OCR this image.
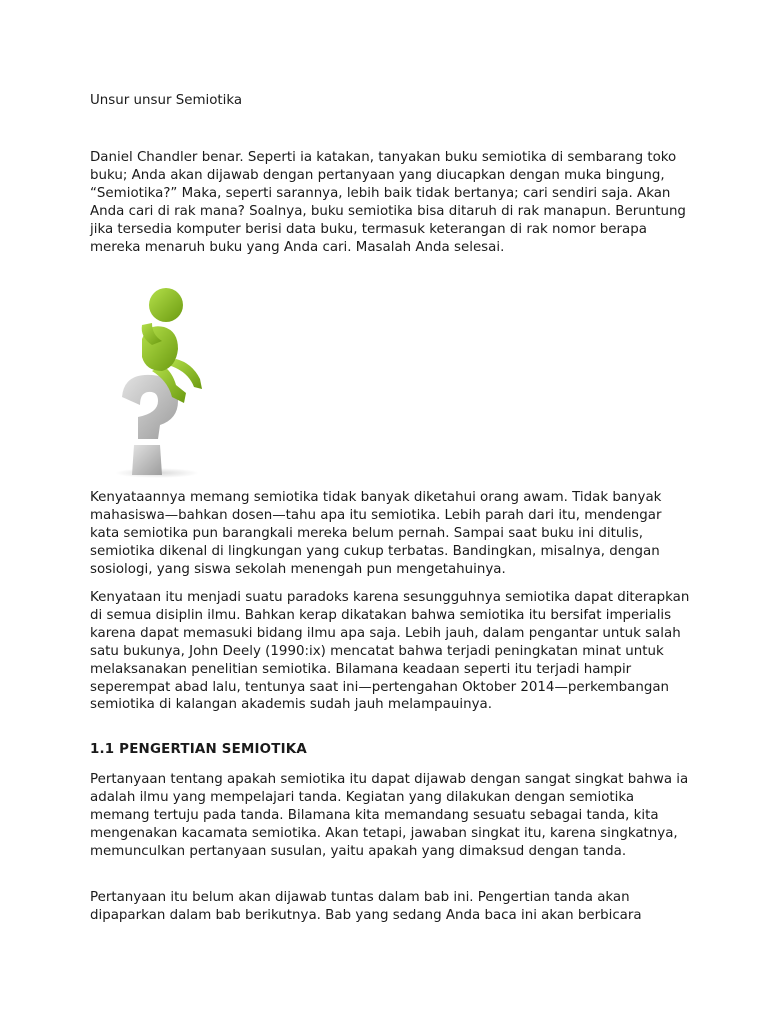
Unsur unsur Semiotika

Daniel Chandler benar. Seperti ia katakan, tanyakan buku semiotika di sembarang toko buku; Anda akan dijawab dengan pertanyaan yang diucapkan dengan muka bingung, “Semiotika?” Maka, seperti sarannya, lebih baik tidak bertanya; cari sendiri saja. Akan Anda cari di rak mana? Soalnya, buku semiotika bisa ditaruh di rak manapun. Beruntung jika tersedia komputer berisi data buku, termasuk keterangan di rak nomor berapa mereka menaruh buku yang Anda cari. Masalah Anda selesai.

Kenyataannya memang semiotika tidak banyak diketahui orang awam. Tidak banyak mahasiswa—bahkan dosen—tahu apa itu semiotika. Lebih parah dari itu, mendengar kata semiotika pun barangkali mereka belum pernah. Sampai saat buku ini ditulis, semiotika dikenal di lingkungan yang cukup terbatas. Bandingkan, misalnya, dengan sosiologi, yang siswa sekolah menengah pun mengetahuinya.

Kenyataan itu menjadi suatu paradoks karena sesungguhnya semiotika dapat diterapkan di semua disiplin ilmu. Bahkan kerap dikatakan bahwa semiotika itu bersifat imperialis karena dapat memasuki bidang ilmu apa saja. Lebih jauh, dalam pengantar untuk salah satu bukunya, John Deely (1990:ix) mencatat bahwa terjadi peningkatan minat untuk melaksanakan penelitian semiotika. Bilamana keadaan seperti itu terjadi hampir seperempat abad lalu, tentunya saat ini—pertengahan Oktober 2014—perkembangan semiotika di kalangan akademis sudah jauh melampauinya.

1.1 PENGERTIAN SEMIOTIKA

Pertanyaan tentang apakah semiotika itu dapat dijawab dengan sangat singkat bahwa ia adalah ilmu yang mempelajari tanda. Kegiatan yang dilakukan dengan semiotika memang tertuju pada tanda. Bilamana kita memandang sesuatu sebagai tanda, kita mengenakan kacamata semiotika. Akan tetapi, jawaban singkat itu, karena singkatnya, memunculkan pertanyaan susulan, yaitu apakah yang dimaksud dengan tanda.

Pertanyaan itu belum akan dijawab tuntas dalam bab ini. Pengertian tanda akan dipaparkan dalam bab berikutnya. Bab yang sedang Anda baca ini akan berbicara
